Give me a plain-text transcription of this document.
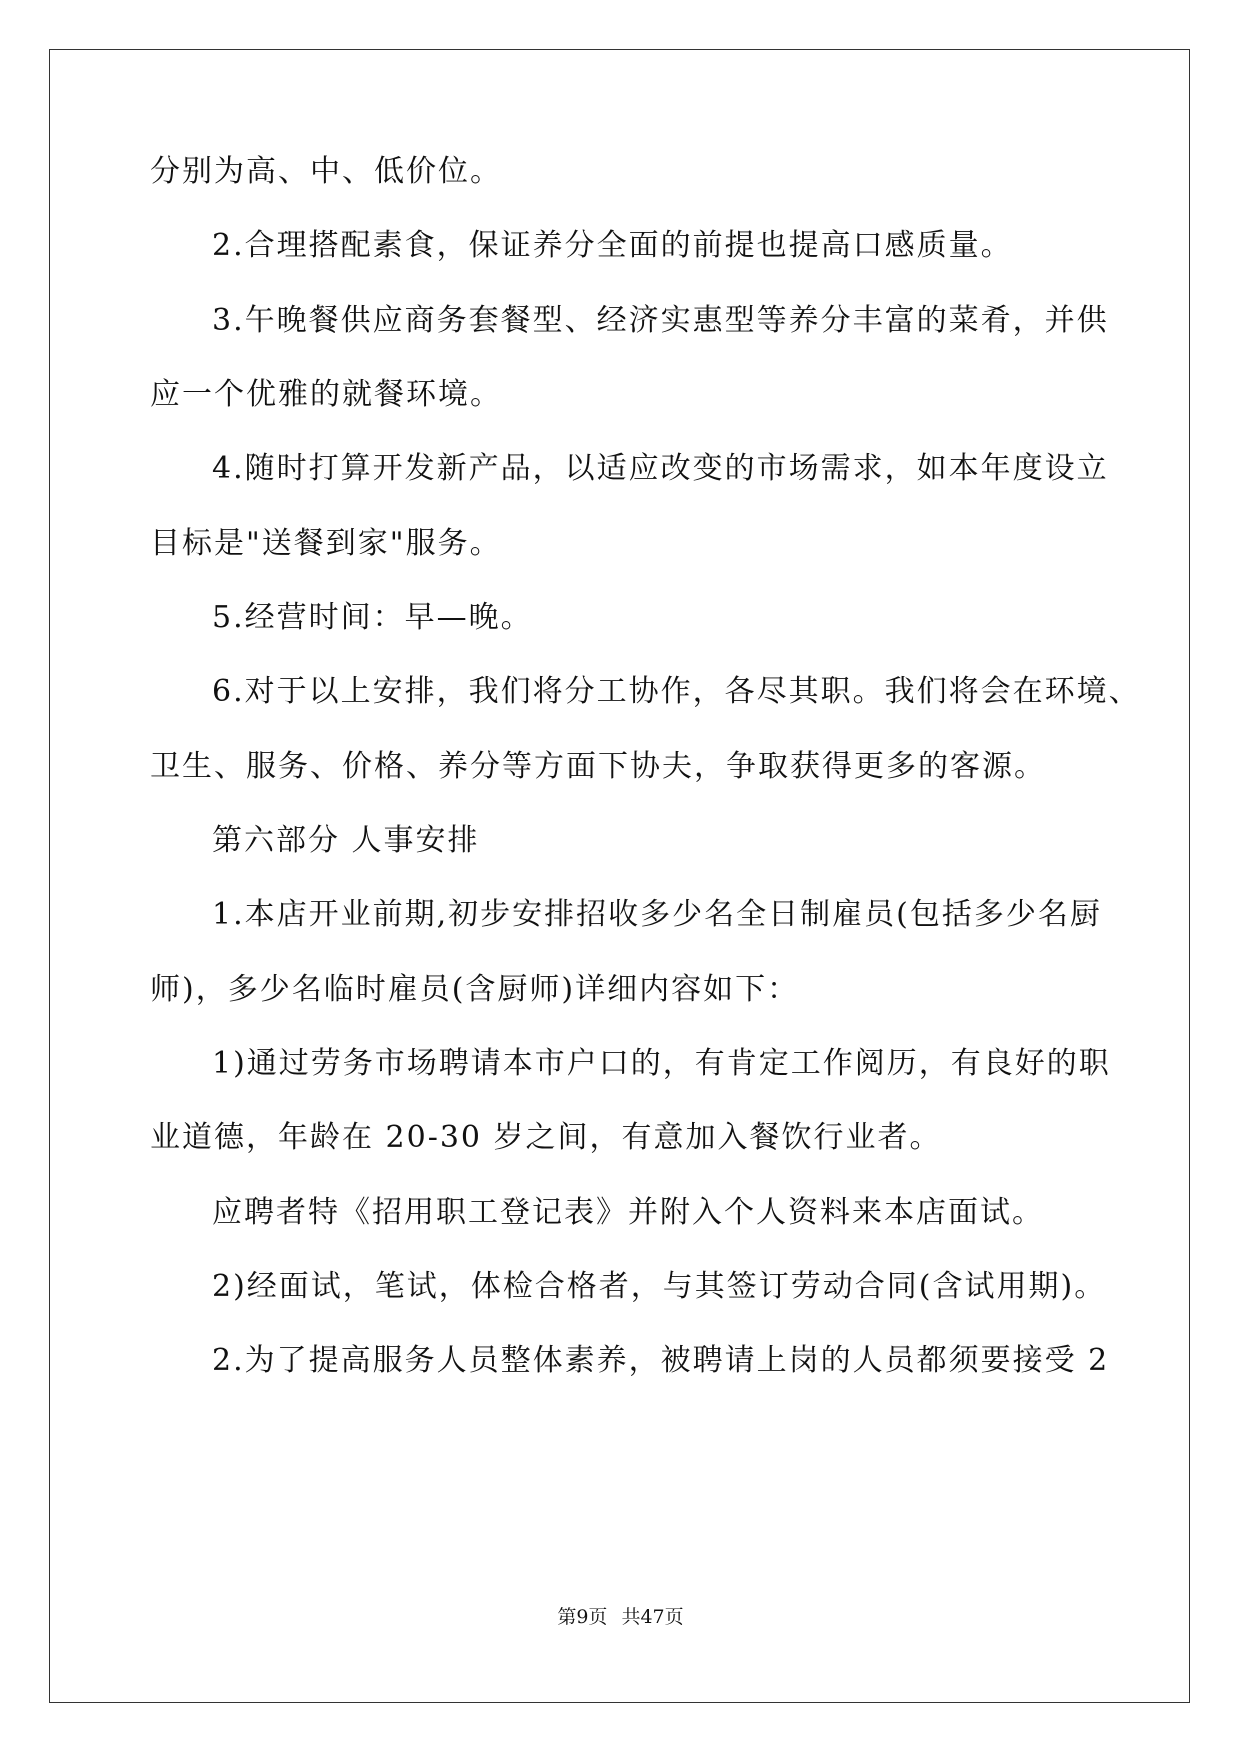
分别为高、中、低价位。
2.合理搭配素食，保证养分全面的前提也提高口感质量。
3.午晚餐供应商务套餐型、经济实惠型等养分丰富的菜肴，并供
应一个优雅的就餐环境。
4.随时打算开发新产品，以适应改变的市场需求，如本年度设立
目标是"送餐到家"服务。
5.经营时间：早—晚。
6.对于以上安排，我们将分工协作，各尽其职。我们将会在环境、
卫生、服务、价格、养分等方面下协夫，争取获得更多的客源。
第六部分 人事安排
1.本店开业前期,初步安排招收多少名全日制雇员(包括多少名厨
师)，多少名临时雇员(含厨师)详细内容如下：
1)通过劳务市场聘请本市户口的，有肯定工作阅历，有良好的职
业道德，年龄在 20-30 岁之间，有意加入餐饮行业者。
应聘者特《招用职工登记表》并附入个人资料来本店面试。
2)经面试，笔试，体检合格者，与其签订劳动合同(含试用期)。
2.为了提高服务人员整体素养，被聘请上岗的人员都须要接受 2
第9页 共47页
